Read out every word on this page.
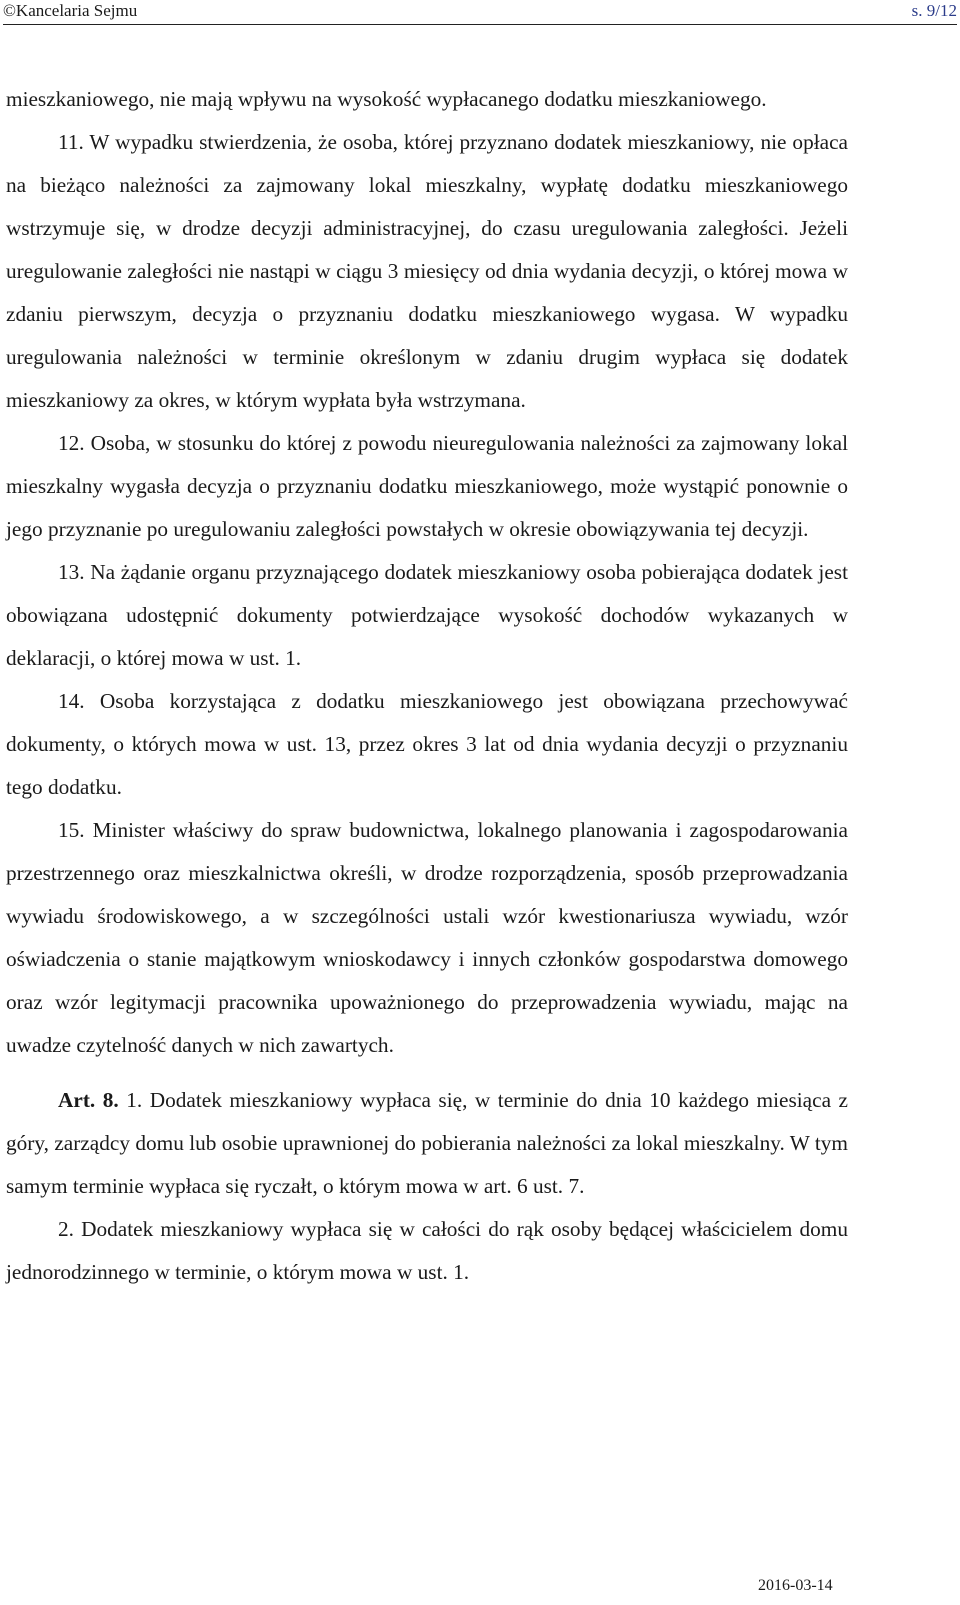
©Kancelaria Sejmu	s. 9/12

mieszkaniowego, nie mają wpływu na wysokość wypłacanego dodatku mieszkaniowego.

11. W wypadku stwierdzenia, że osoba, której przyznano dodatek mieszkaniowy, nie opłaca na bieżąco należności za zajmowany lokal mieszkalny, wypłatę dodatku mieszkaniowego wstrzymuje się, w drodze decyzji administracyjnej, do czasu uregulowania zaległości. Jeżeli uregulowanie zaległości nie nastąpi w ciągu 3 miesięcy od dnia wydania decyzji, o której mowa w zdaniu pierwszym, decyzja o przyznaniu dodatku mieszkaniowego wygasa. W wypadku uregulowania należności w terminie określonym w zdaniu drugim wypłaca się dodatek mieszkaniowy za okres, w którym wypłata była wstrzymana.

12. Osoba, w stosunku do której z powodu nieuregulowania należności za zajmowany lokal mieszkalny wygasła decyzja o przyznaniu dodatku mieszkaniowego, może wystąpić ponownie o jego przyznanie po uregulowaniu zaległości powstałych w okresie obowiązywania tej decyzji.

13. Na żądanie organu przyznającego dodatek mieszkaniowy osoba pobierająca dodatek jest obowiązana udostępnić dokumenty potwierdzające wysokość dochodów wykazanych w deklaracji, o której mowa w ust. 1.

14. Osoba korzystająca z dodatku mieszkaniowego jest obowiązana przechowywać dokumenty, o których mowa w ust. 13, przez okres 3 lat od dnia wydania decyzji o przyznaniu tego dodatku.

15. Minister właściwy do spraw budownictwa, lokalnego planowania i zagospodarowania przestrzennego oraz mieszkalnictwa określi, w drodze rozporządzenia, sposób przeprowadzania wywiadu środowiskowego, a w szczególności ustali wzór kwestionariusza wywiadu, wzór oświadczenia o stanie majątkowym wnioskodawcy i innych członków gospodarstwa domowego oraz wzór legitymacji pracownika upoważnionego do przeprowadzenia wywiadu, mając na uwadze czytelność danych w nich zawartych.

Art. 8. 1. Dodatek mieszkaniowy wypłaca się, w terminie do dnia 10 każdego miesiąca z góry, zarządcy domu lub osobie uprawnionej do pobierania należności za lokal mieszkalny. W tym samym terminie wypłaca się ryczałt, o którym mowa w art. 6 ust. 7.

2. Dodatek mieszkaniowy wypłaca się w całości do rąk osoby będącej właścicielem domu jednorodzinnego w terminie, o którym mowa w ust. 1.

2016-03-14
